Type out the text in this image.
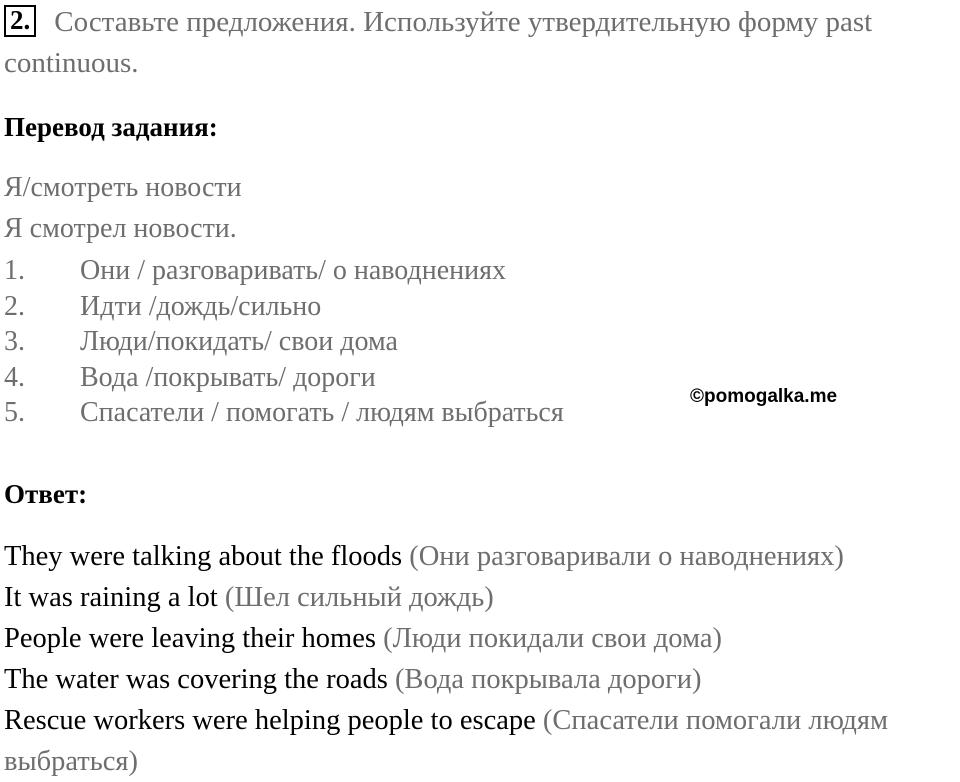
2. Составьте предложения. Используйте утвердительную форму past continuous.
Перевод задания:
Я/смотреть новости
Я смотрел новости.
1. Они / разговаривать/ о наводнениях
2. Идти /дождь/сильно
3. Люди/покидать/ свои дома
4. Вода /покрывать/ дороги
5. Спасатели / помогать / людям выбраться
©pomogalka.me
Ответ:
They were talking about the floods (Они разговаривали о наводнениях)
It was raining a lot (Шел сильный дождь)
People were leaving their homes (Люди покидали свои дома)
The water was covering the roads (Вода покрывала дороги)
Rescue workers were helping people to escape (Спасатели помогали людям выбраться)
